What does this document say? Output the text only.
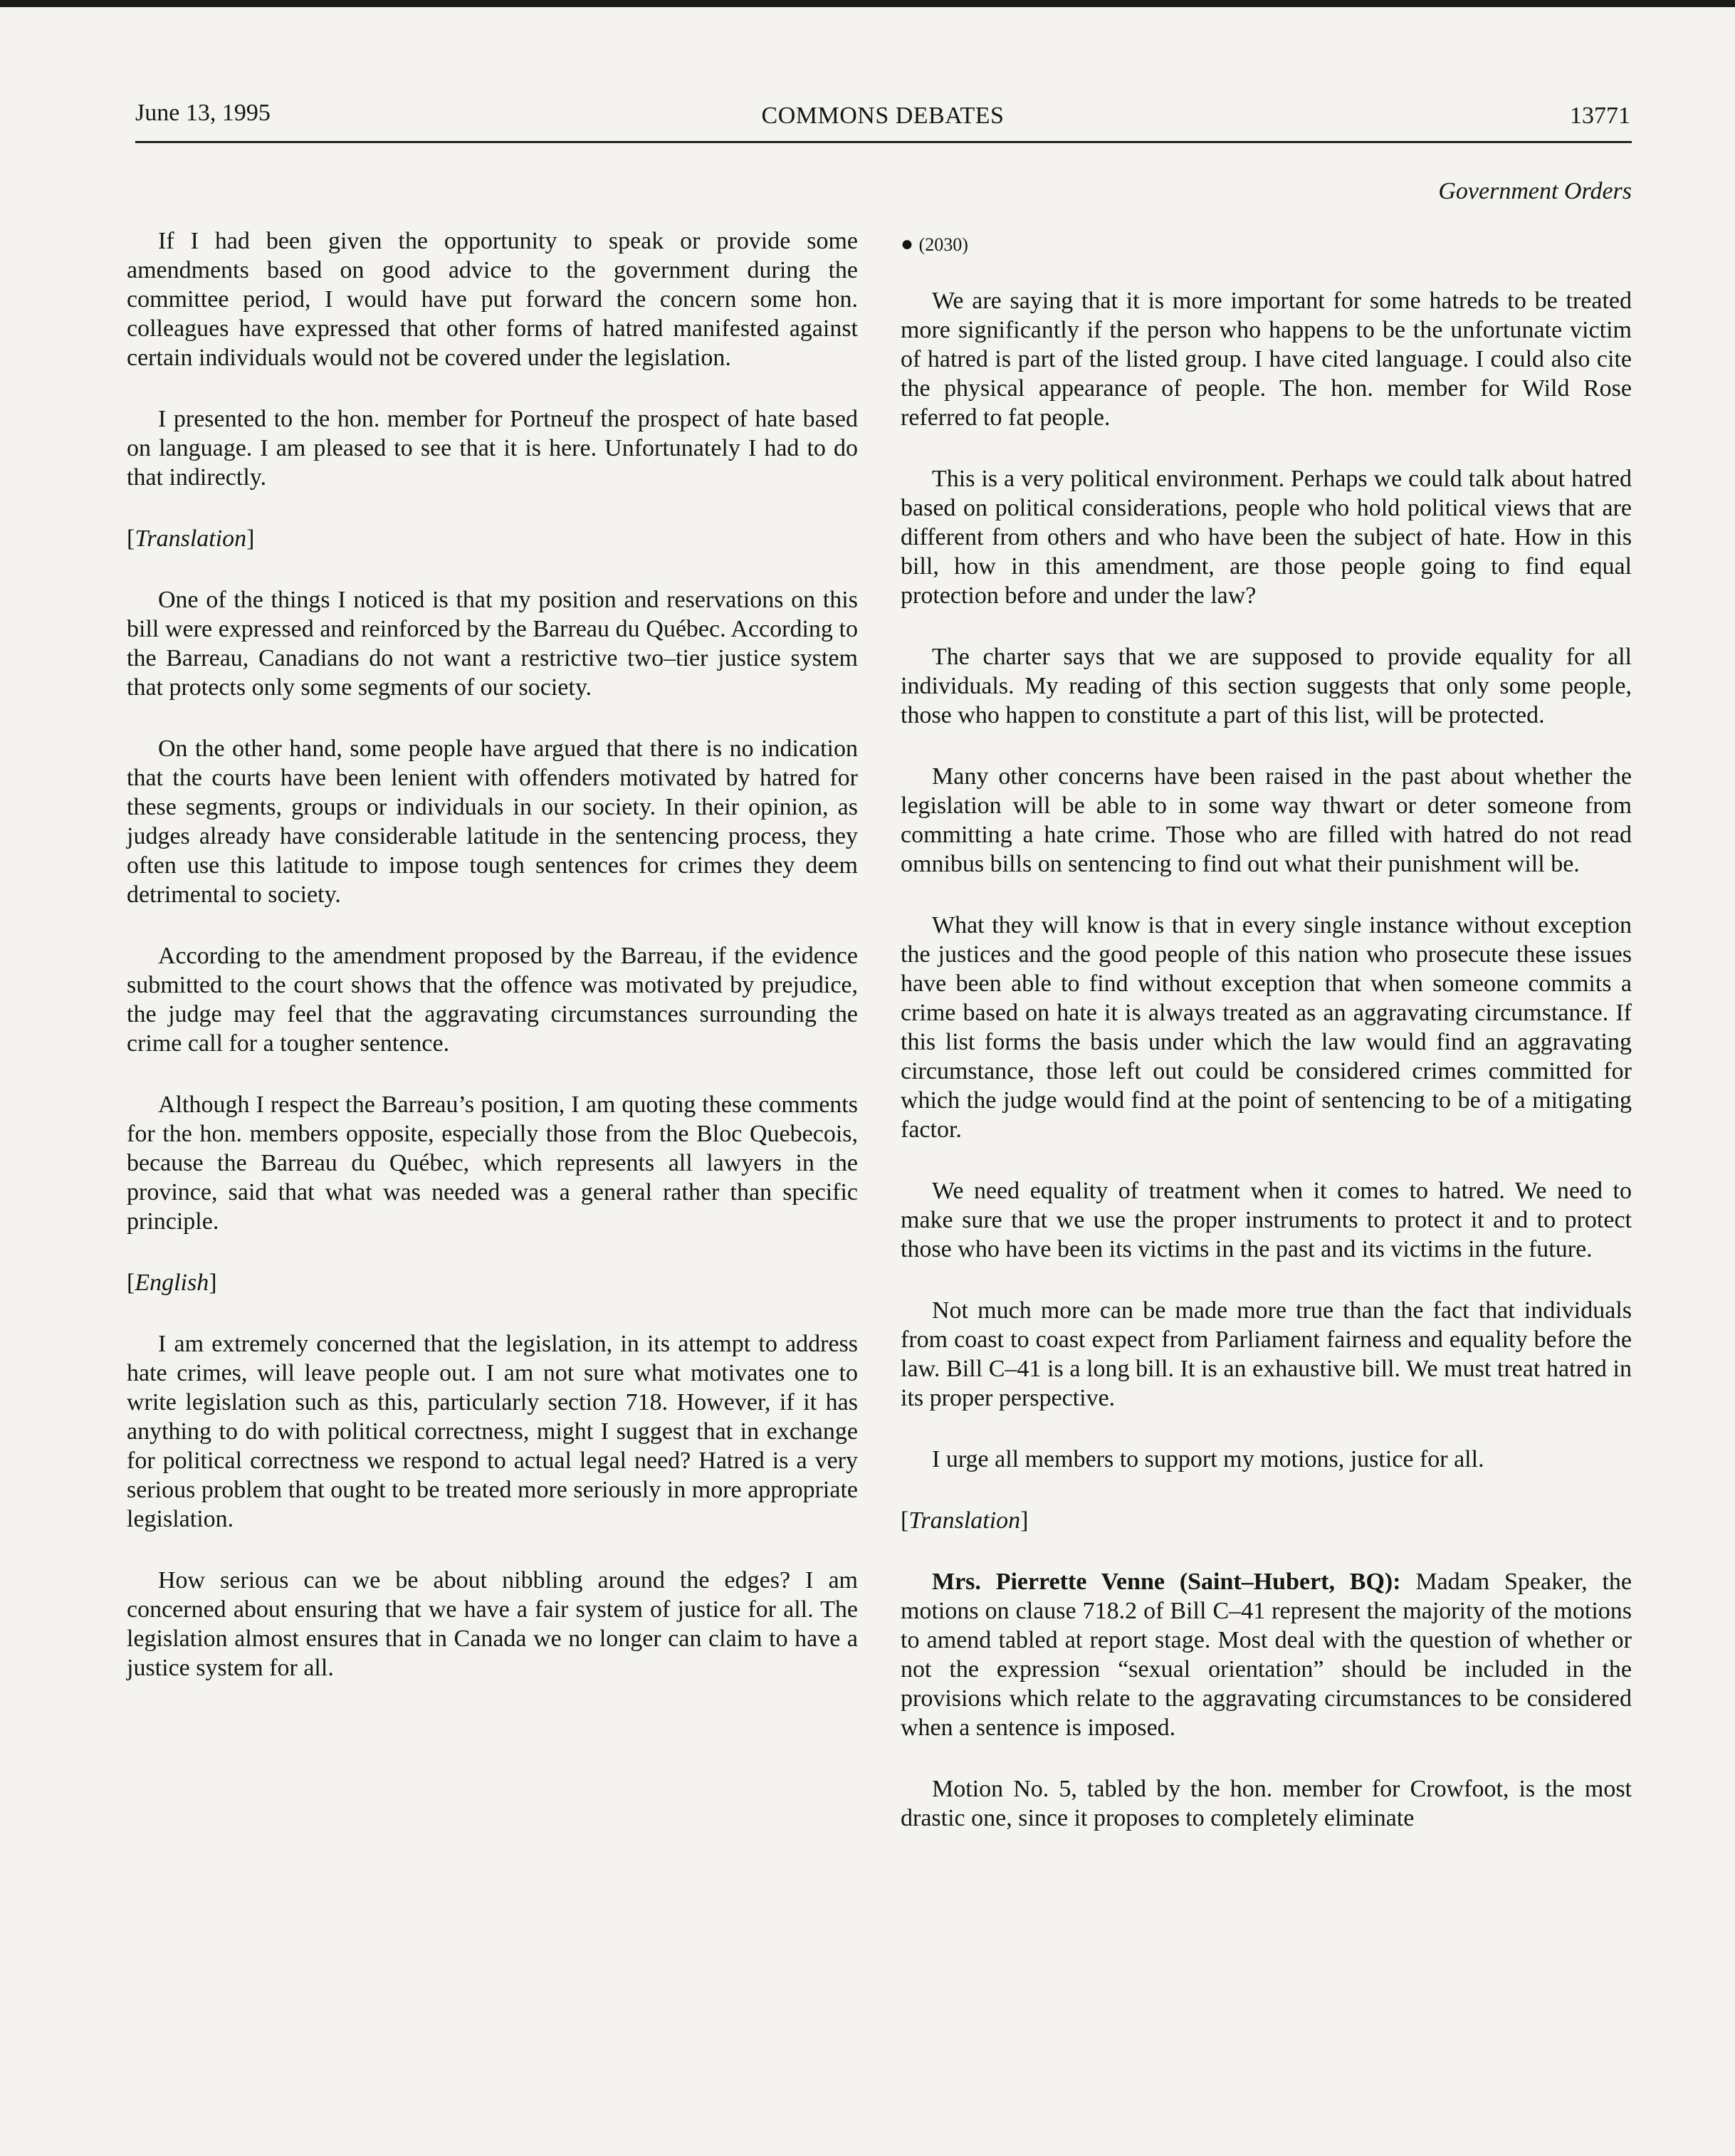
June 13, 1995	COMMONS DEBATES	13771
Government Orders

If I had been given the opportunity to speak or provide some amendments based on good advice to the government during the committee period, I would have put forward the concern some hon. colleagues have expressed that other forms of hatred manifested against certain individuals would not be covered under the legislation.

I presented to the hon. member for Portneuf the prospect of hate based on language. I am pleased to see that it is here. Unfortunately I had to do that indirectly.

[Translation]

One of the things I noticed is that my position and reservations on this bill were expressed and reinforced by the Barreau du Québec. According to the Barreau, Canadians do not want a restrictive two–tier justice system that protects only some segments of our society.

On the other hand, some people have argued that there is no indication that the courts have been lenient with offenders motivated by hatred for these segments, groups or individuals in our society. In their opinion, as judges already have considerable latitude in the sentencing process, they often use this latitude to impose tough sentences for crimes they deem detrimental to society.

According to the amendment proposed by the Barreau, if the evidence submitted to the court shows that the offence was motivated by prejudice, the judge may feel that the aggravating circumstances surrounding the crime call for a tougher sentence.

Although I respect the Barreau’s position, I am quoting these comments for the hon. members opposite, especially those from the Bloc Quebecois, because the Barreau du Québec, which represents all lawyers in the province, said that what was needed was a general rather than specific principle.

[English]

I am extremely concerned that the legislation, in its attempt to address hate crimes, will leave people out. I am not sure what motivates one to write legislation such as this, particularly section 718. However, if it has anything to do with political correctness, might I suggest that in exchange for political correctness we respond to actual legal need? Hatred is a very serious problem that ought to be treated more seriously in more appropriate legislation.

How serious can we be about nibbling around the edges? I am concerned about ensuring that we have a fair system of justice for all. The legislation almost ensures that in Canada we no longer can claim to have a justice system for all.

● (2030)

We are saying that it is more important for some hatreds to be treated more significantly if the person who happens to be the unfortunate victim of hatred is part of the listed group. I have cited language. I could also cite the physical appearance of people. The hon. member for Wild Rose referred to fat people.

This is a very political environment. Perhaps we could talk about hatred based on political considerations, people who hold political views that are different from others and who have been the subject of hate. How in this bill, how in this amendment, are those people going to find equal protection before and under the law?

The charter says that we are supposed to provide equality for all individuals. My reading of this section suggests that only some people, those who happen to constitute a part of this list, will be protected.

Many other concerns have been raised in the past about whether the legislation will be able to in some way thwart or deter someone from committing a hate crime. Those who are filled with hatred do not read omnibus bills on sentencing to find out what their punishment will be.

What they will know is that in every single instance without exception the justices and the good people of this nation who prosecute these issues have been able to find without exception that when someone commits a crime based on hate it is always treated as an aggravating circumstance. If this list forms the basis under which the law would find an aggravating circumstance, those left out could be considered crimes committed for which the judge would find at the point of sentencing to be of a mitigating factor.

We need equality of treatment when it comes to hatred. We need to make sure that we use the proper instruments to protect it and to protect those who have been its victims in the past and its victims in the future.

Not much more can be made more true than the fact that individuals from coast to coast expect from Parliament fairness and equality before the law. Bill C–41 is a long bill. It is an exhaustive bill. We must treat hatred in its proper perspective.

I urge all members to support my motions, justice for all.

[Translation]

Mrs. Pierrette Venne (Saint–Hubert, BQ): Madam Speaker, the motions on clause 718.2 of Bill C–41 represent the majority of the motions to amend tabled at report stage. Most deal with the question of whether or not the expression “sexual orientation” should be included in the provisions which relate to the aggravating circumstances to be considered when a sentence is imposed.

Motion No. 5, tabled by the hon. member for Crowfoot, is the most drastic one, since it proposes to completely eliminate
